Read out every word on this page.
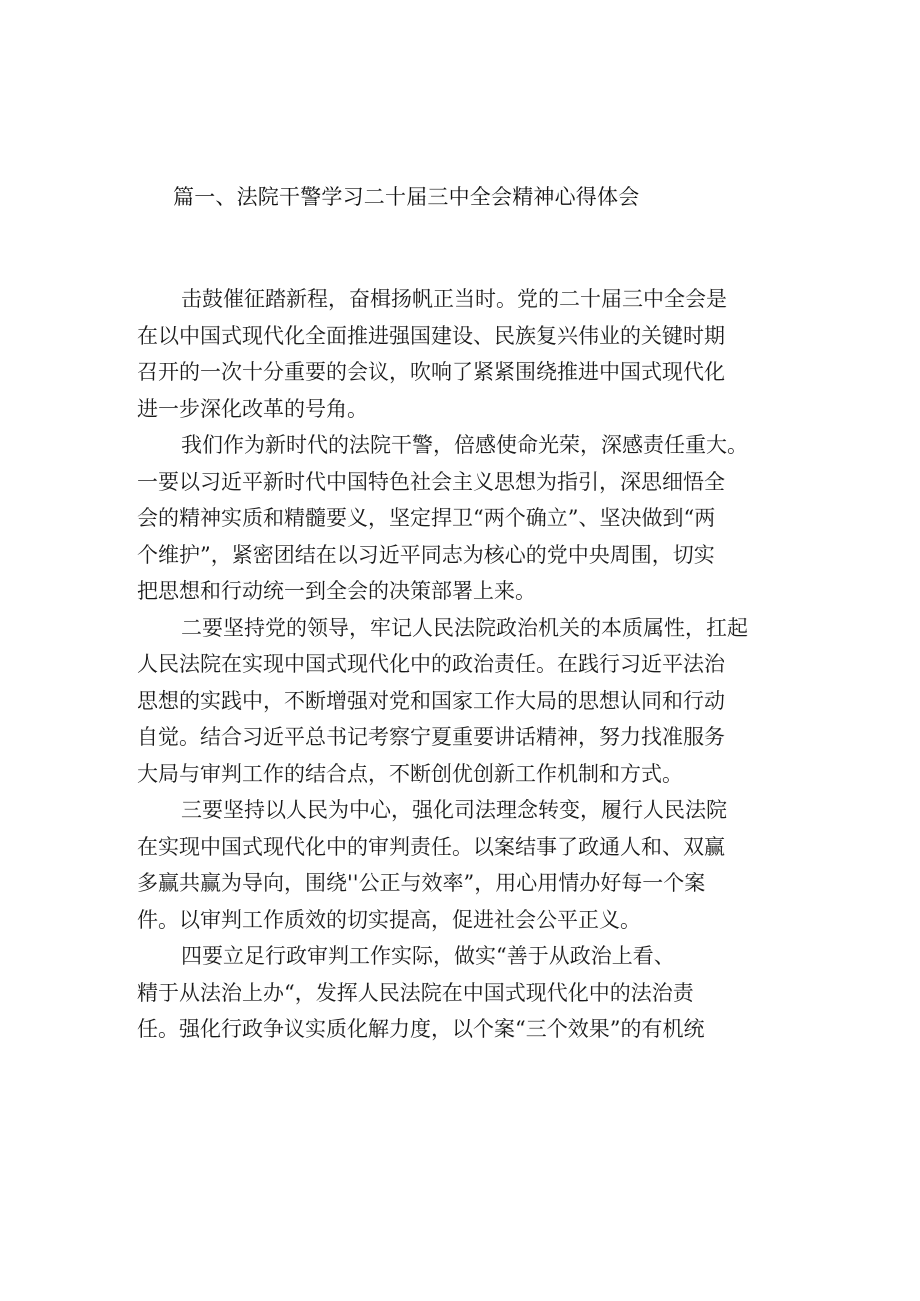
篇一、法院干警学习二十届三中全会精神心得体会
击鼓催征踏新程，奋楫扬帆正当时。党的二十届三中全会是
在以中国式现代化全面推进强国建设、民族复兴伟业的关键时期
召开的一次十分重要的会议，吹响了紧紧围绕推进中国式现代化
进一步深化改革的号角。
我们作为新时代的法院干警，倍感使命光荣，深感责任重大。
一要以习近平新时代中国特色社会主义思想为指引，深思细悟全
会的精神实质和精髓要义，坚定捍卫“两个确立”、坚决做到“两
个维护”，紧密团结在以习近平同志为核心的党中央周围，切实
把思想和行动统一到全会的决策部署上来。
二要坚持党的领导，牢记人民法院政治机关的本质属性，扛起
人民法院在实现中国式现代化中的政治责任。在践行习近平法治
思想的实践中，不断增强对党和国家工作大局的思想认同和行动
自觉。结合习近平总书记考察宁夏重要讲话精神，努力找准服务
大局与审判工作的结合点，不断创优创新工作机制和方式。
三要坚持以人民为中心，强化司法理念转变，履行人民法院
在实现中国式现代化中的审判责任。以案结事了政通人和、双赢
多赢共赢为导向，围绕''公正与效率”，用心用情办好每一个案
件。以审判工作质效的切实提高，促进社会公平正义。
四要立足行政审判工作实际，做实“善于从政治上看、
精于从法治上办“，发挥人民法院在中国式现代化中的法治责
任。强化行政争议实质化解力度，以个案“三个效果”的有机统
